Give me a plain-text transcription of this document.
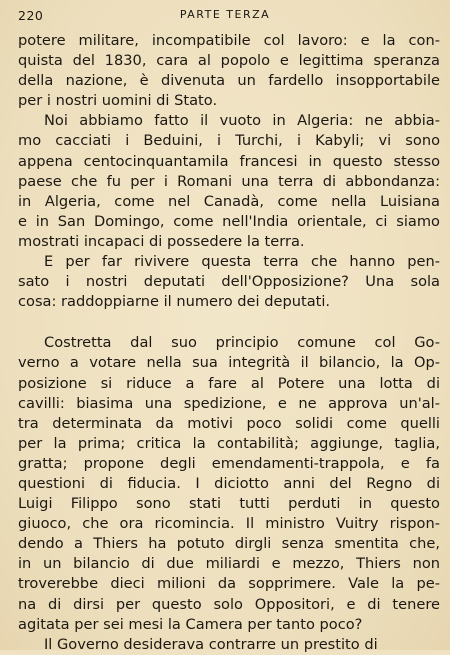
220	PARTE TERZA

potere militare, incompatibile col lavoro: e la con-
quista del 1830, cara al popolo e legittima speranza
della nazione, è divenuta un fardello insopportabile
per i nostri uomini di Stato.

Noi abbiamo fatto il vuoto in Algeria: ne abbia-
mo cacciati i Beduini, i Turchi, i Kabyli; vi sono
appena centocinquantamila francesi in questo stesso
paese che fu per i Romani una terra di abbondanza:
in Algeria, come nel Canadà, come nella Luisiana
e in San Domingo, come nell'India orientale, ci siamo
mostrati incapaci di possedere la terra.

E per far rivivere questa terra che hanno pen-
sato i nostri deputati dell'Opposizione? Una sola
cosa: raddoppiarne il numero dei deputati.

Costretta dal suo principio comune col Go-
verno a votare nella sua integrità il bilancio, la Op-
posizione si riduce a fare al Potere una lotta di
cavilli: biasima una spedizione, e ne approva un'al-
tra determinata da motivi poco solidi come quelli
per la prima; critica la contabilità; aggiunge, taglia,
gratta; propone degli emendamenti-trappola, e fa
questioni di fiducia. I diciotto anni del Regno di
Luigi Filippo sono stati tutti perduti in questo
giuoco, che ora ricomincia. Il ministro Vuitry rispon-
dendo a Thiers ha potuto dirgli senza smentita che,
in un bilancio di due miliardi e mezzo, Thiers non
troverebbe dieci milioni da sopprimere. Vale la pe-
na di dirsi per questo solo Oppositori, e di tenere
agitata per sei mesi la Camera per tanto poco?

Il Governo desiderava contrarre un prestito di
